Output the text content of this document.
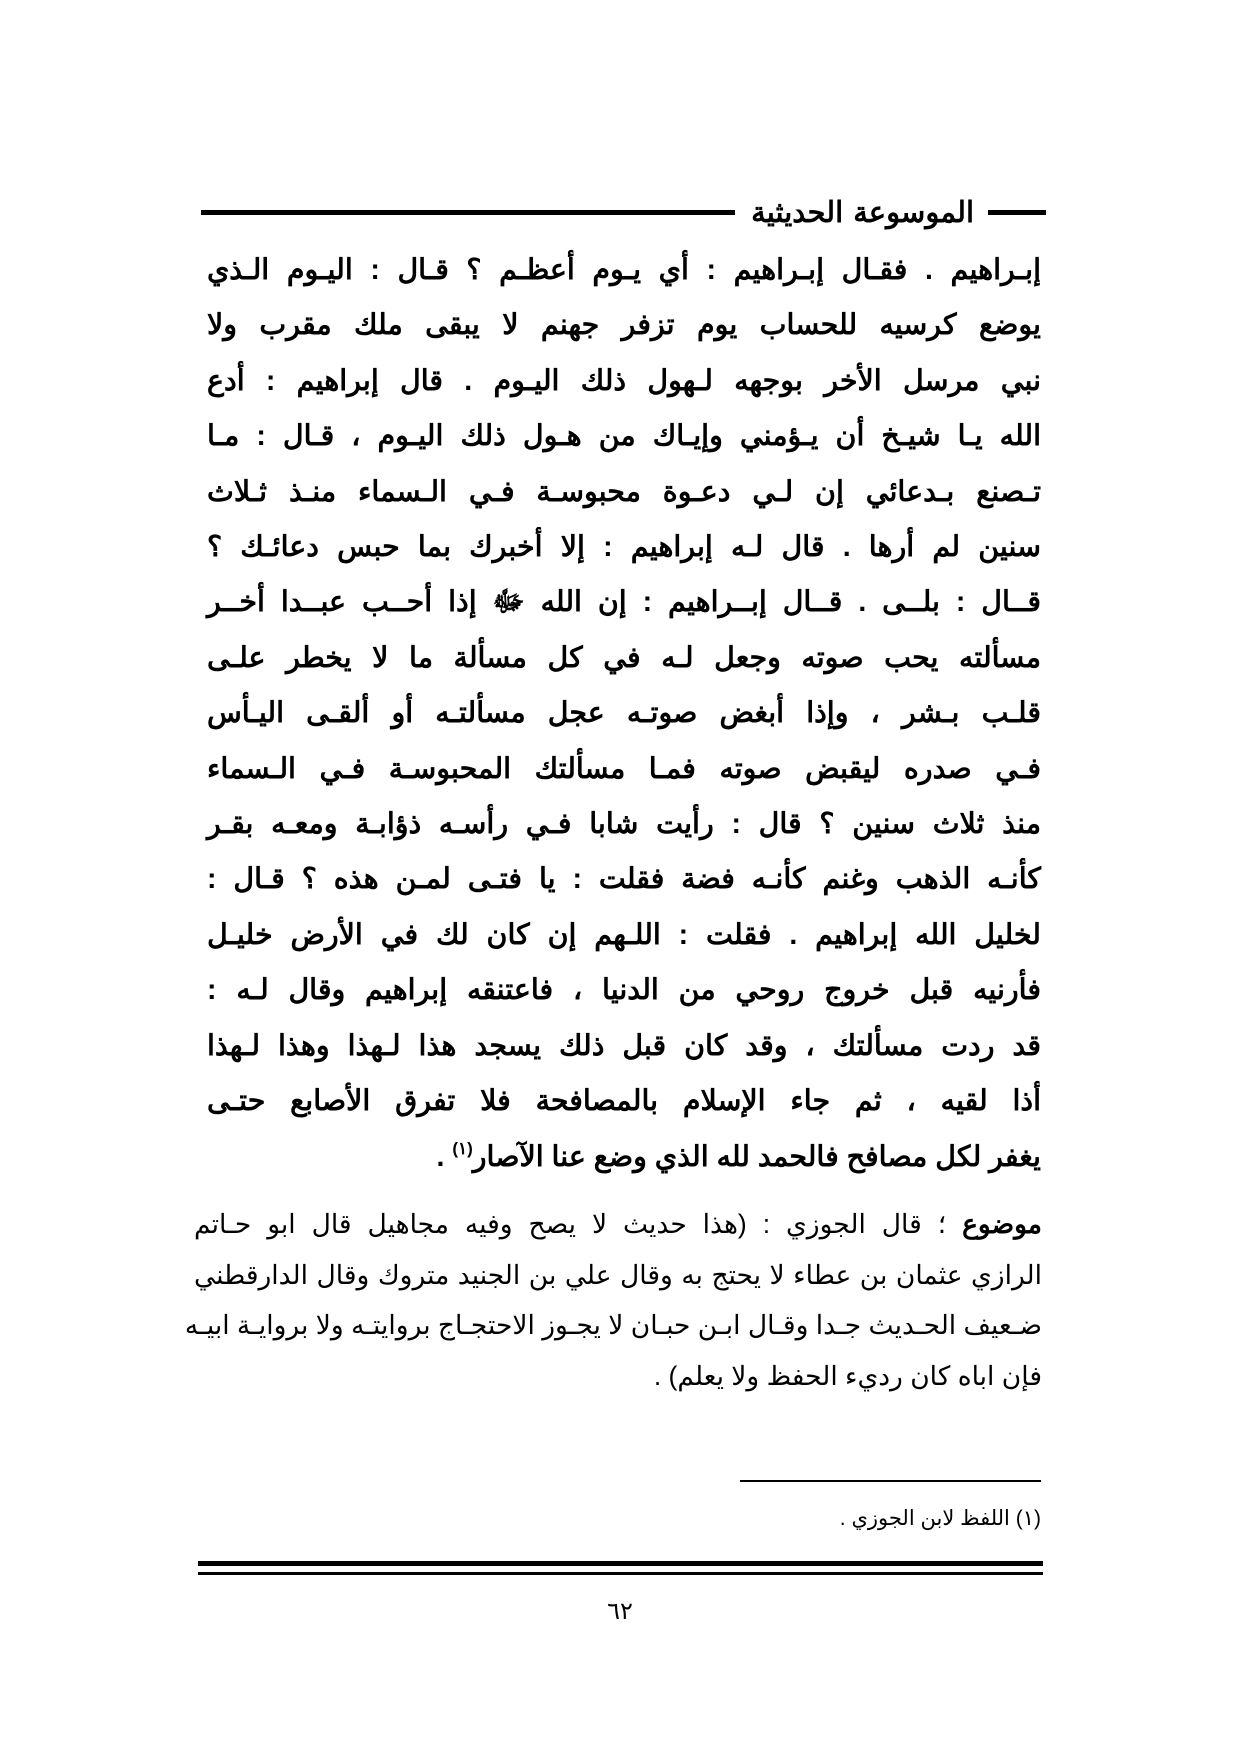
الموسوعة الحديثية
إبـراهيم . فقـال إبـراهيم : أي يـوم أعظـم ؟ قـال : اليـوم الـذي
يوضع كرسيه للحساب يوم تزفر جهنم لا يبقى ملك مقرب ولا
نبي مرسل الأخر بوجهه لـهول ذلك اليـوم . قال إبراهيم : أدع
الله يـا شيـخ أن يـؤمني وإيـاك من هـول ذلك اليـوم ، قـال : مـا
تـصنع بـدعائي إن لـي دعـوة محبوسـة فـي الـسماء منـذ ثـلاث
سنين لم أرها . قال لـه إبراهيم : إلا أخبرك بما حبس دعائـك ؟
قــال : بلــى . قــال إبــراهيم : إن الله ﷻ إذا أحــب عبــدا أخــر
مسألته يحب صوته وجعل لـه في كل مسألة ما لا يخطر علـى
قلـب بـشر ، وإذا أبغض صوتـه عجل مسألتـه أو ألقـى اليـأس
فـي صدره ليقبض صوته فمـا مسألتك المحبوسـة فـي الـسماء
منذ ثلاث سنين ؟ قال : رأيت شابا فـي رأسـه ذؤابـة ومعـه بقـر
كأنـه الذهب وغنم كأنـه فضة فقلت : يا فتـى لمـن هذه ؟ قـال :
لخليل الله إبراهيم . فقلت : اللـهم إن كان لك في الأرض خليـل
فأرنيه قبل خروج روحي من الدنيا ، فاعتنقه إبراهيم وقال لـه :
قد ردت مسألتك ، وقد كان قبل ذلك يسجد هذا لـهذا وهذا لـهذا
أذا لقيه ، ثم جاء الإسلام بالمصافحة فلا تفرق الأصابع حتـى
يغفر لكل مصافح فالحمد لله الذي وضع عنا الآصار$^{(١)}$ .
موضوع ؛ قال الجوزي : (هذا حديث لا يصح وفيه مجاهيل قال ابو حـاتم
الرازي عثمان بن عطاء لا يحتج به وقال علي بن الجنيد متروك وقال الدارقطني
ضـعيف الحـديث جـدا وقـال ابـن حبـان لا يجـوز الاحتجـاج بروايتـه ولا بروايـة ابيـه
فإن اباه كان رديء الحفظ ولا يعلم) .
(١) اللفظ لابن الجوزي .
٦٢
